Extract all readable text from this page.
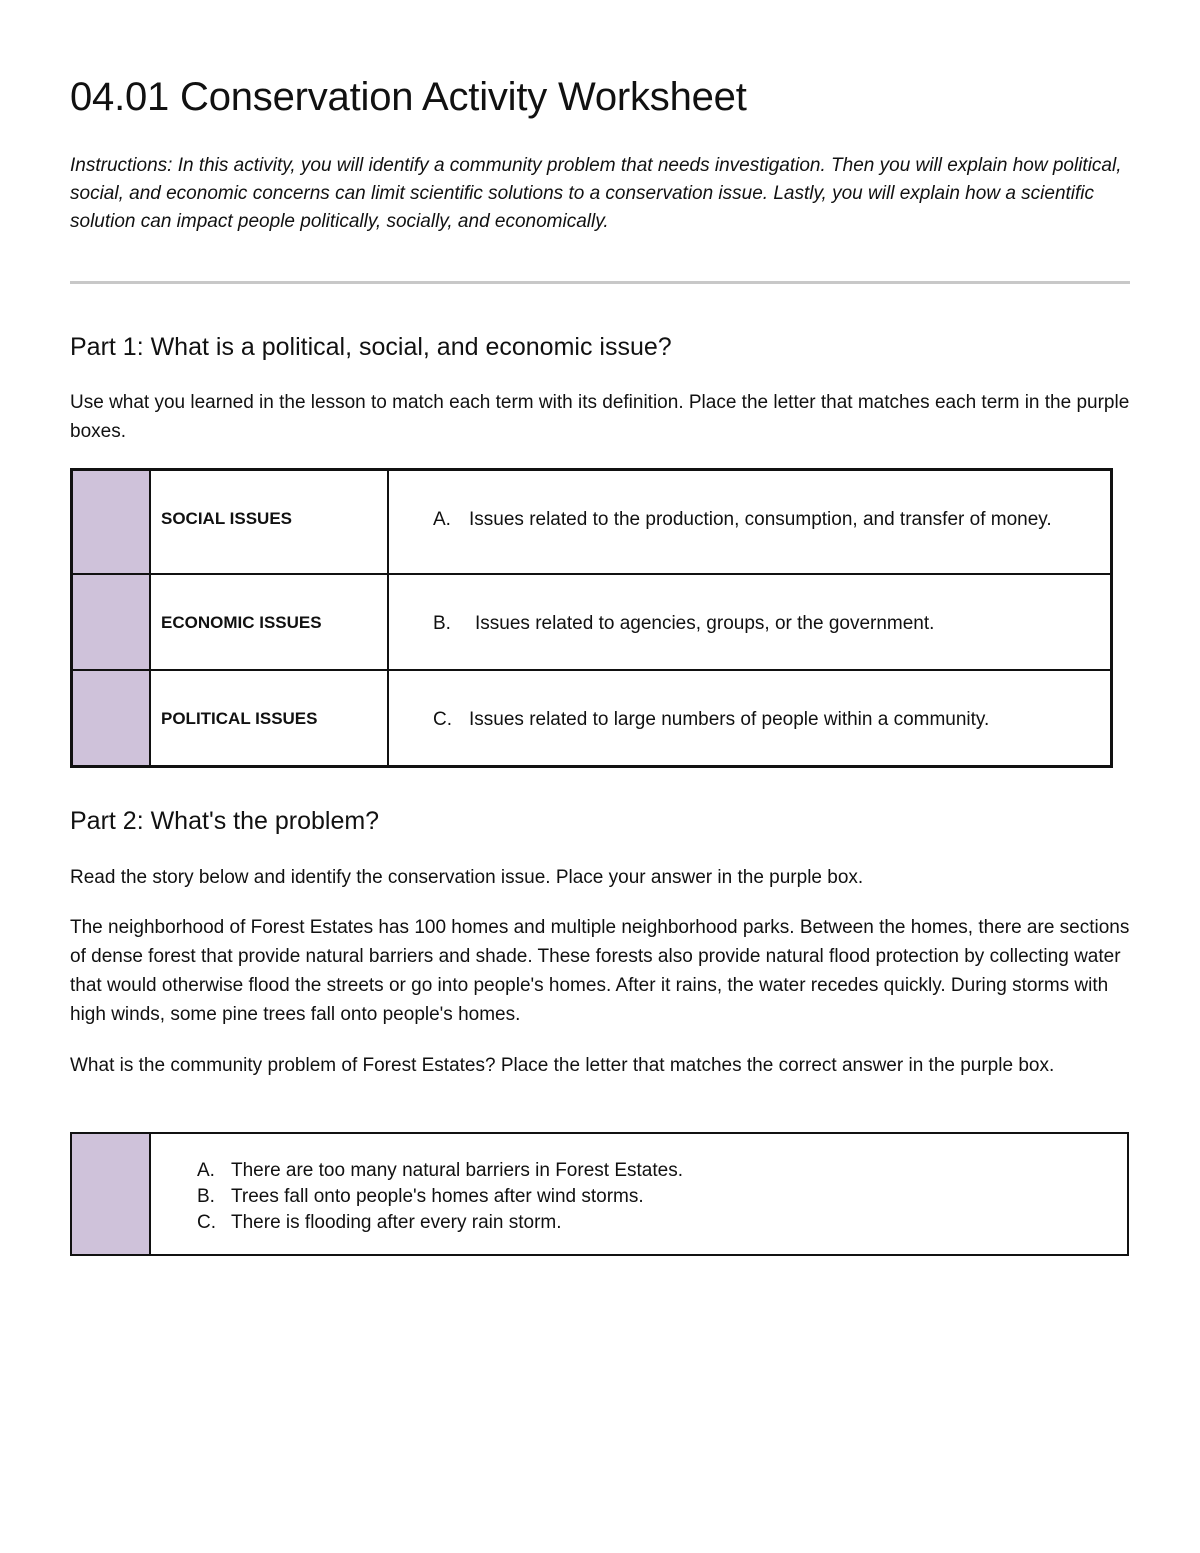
04.01 Conservation Activity Worksheet

Instructions: In this activity, you will identify a community problem that needs investigation. Then you will explain how political, social, and economic concerns can limit scientific solutions to a conservation issue. Lastly, you will explain how a scientific solution can impact people politically, socially, and economically.

Part 1: What is a political, social, and economic issue?

Use what you learned in the lesson to match each term with its definition. Place the letter that matches each term in the purple boxes.

	SOCIAL ISSUES	A. Issues related to the production, consumption, and transfer of money.

	ECONOMIC ISSUES	B. Issues related to agencies, groups, or the government.

	POLITICAL ISSUES	C. Issues related to large numbers of people within a community.
Part 2: What's the problem?

Read the story below and identify the conservation issue. Place your answer in the purple box.

The neighborhood of Forest Estates has 100 homes and multiple neighborhood parks. Between the homes, there are sections of dense forest that provide natural barriers and shade. These forests also provide natural flood protection by collecting water that would otherwise flood the streets or go into people's homes. After it rains, the water recedes quickly. During storms with high winds, some pine trees fall onto people's homes.

What is the community problem of Forest Estates? Place the letter that matches the correct answer in the purple box.

A. There are too many natural barriers in Forest Estates.
B. Trees fall onto people's homes after wind storms.
C. There is flooding after every rain storm.
